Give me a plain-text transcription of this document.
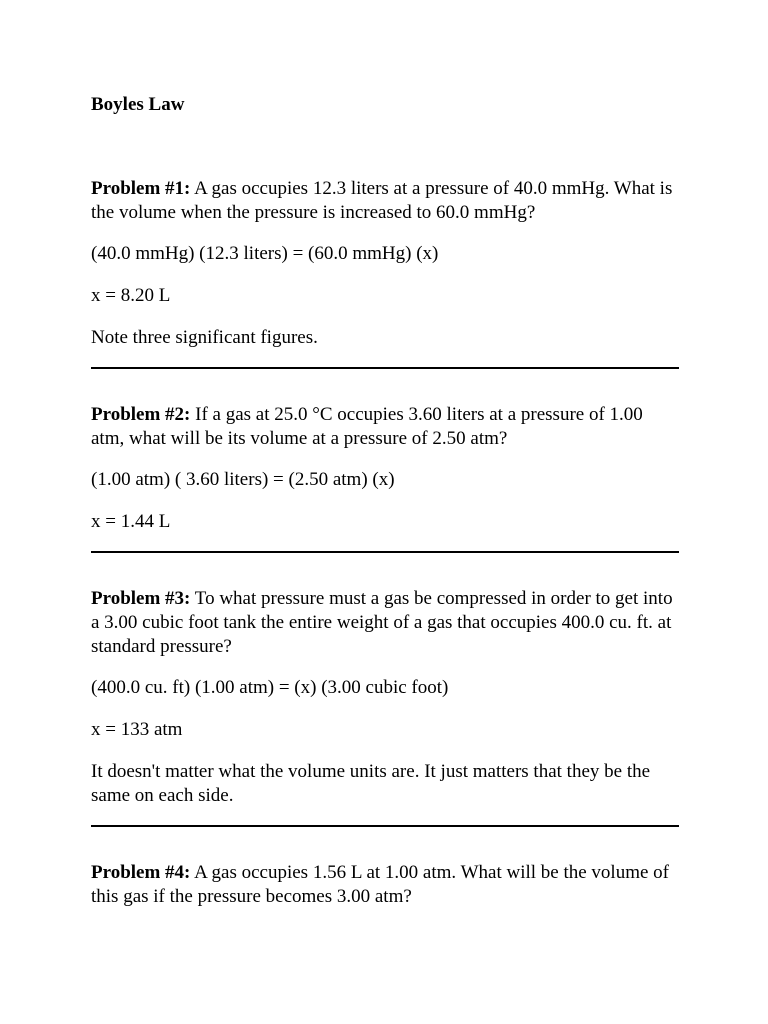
Boyles Law

Problem #1: A gas occupies 12.3 liters at a pressure of 40.0 mmHg. What is the volume when the pressure is increased to 60.0 mmHg?

(40.0 mmHg) (12.3 liters) = (60.0 mmHg) (x)

x = 8.20 L

Note three significant figures.

Problem #2: If a gas at 25.0 °C occupies 3.60 liters at a pressure of 1.00 atm, what will be its volume at a pressure of 2.50 atm?

(1.00 atm) ( 3.60 liters) = (2.50 atm) (x)

x = 1.44 L

Problem #3: To what pressure must a gas be compressed in order to get into a 3.00 cubic foot tank the entire weight of a gas that occupies 400.0 cu. ft. at standard pressure?

(400.0 cu. ft) (1.00 atm) = (x) (3.00 cubic foot)

x = 133 atm

It doesn't matter what the volume units are. It just matters that they be the same on each side.

Problem #4: A gas occupies 1.56 L at 1.00 atm. What will be the volume of this gas if the pressure becomes 3.00 atm?
